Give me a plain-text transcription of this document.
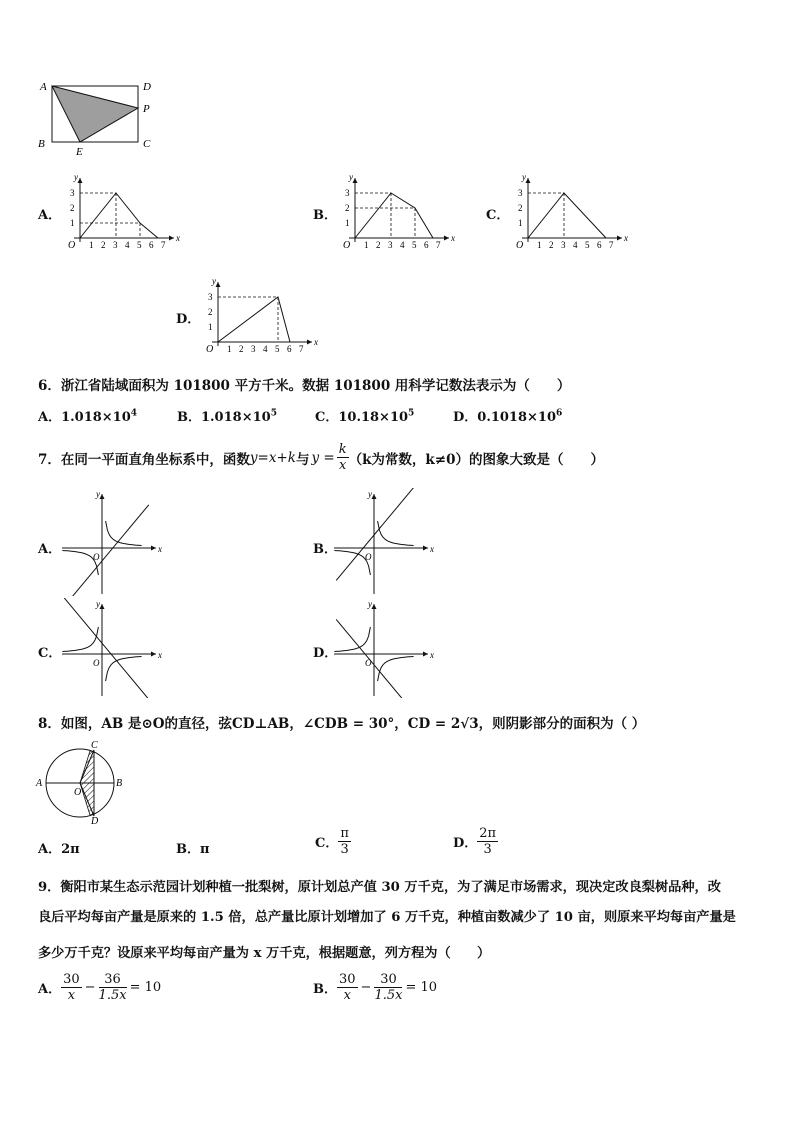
A	D
P
B	C
E
A．
O
x
y
1 2 3 4 5 6 7
3
2
1	B．
O
x
y
1 2 3 4 5 6 7
3
2
1	C．
O
x
y
1 2 3 4 5 6 7
3
2
1
D．
O
x
y
1 2 3 4 5 6 7
3
2
1
6．浙江省陆域面积为 101800 平方千米。数据 101800 用科学记数法表示为（　　）
A．$1.018\times 10^4$	B．$1.018\times 10^5$	C．$10.18\times 10^5$	D．$0.1018\times 10^6$
7．在同一平面直角坐标系中，函数 y=x+k 与 $y = \frac{k}{x} (k$为常数，k≠0）的图象大致是（　　）
A．	x
y
O	B．	x
y
O
C．	x
y
O
D．	x
y
O
8．如图，AB 是⊙O的直径，弦CD⊥AB，∠CDB = 30°，CD = 2√3，则阴影部分的面积为（ ）
C
A	B
O
D
A．2π	B．π	C． $\frac{\pi}{3}$	D． $\frac{2\pi}{3}$
9．衡阳市某生态示范园计划种植一批梨树，原计划总产值 30 万千克，为了满足市场需求，现决定改良梨树品种，改
良后平均每亩产量是原来的 1.5 倍，总产量比原计划增加了 6 万千克，种植亩数减少了 10 亩，则原来平均每亩产量是
多少万千克？设原来平均每亩产量为 x 万千克，根据题意，列方程为（　　）
A． $\frac{30}{x} - \frac{36}{1.5x} = 10$	B． $\frac{30}{x} - \frac{30}{1.5x} = 10$
